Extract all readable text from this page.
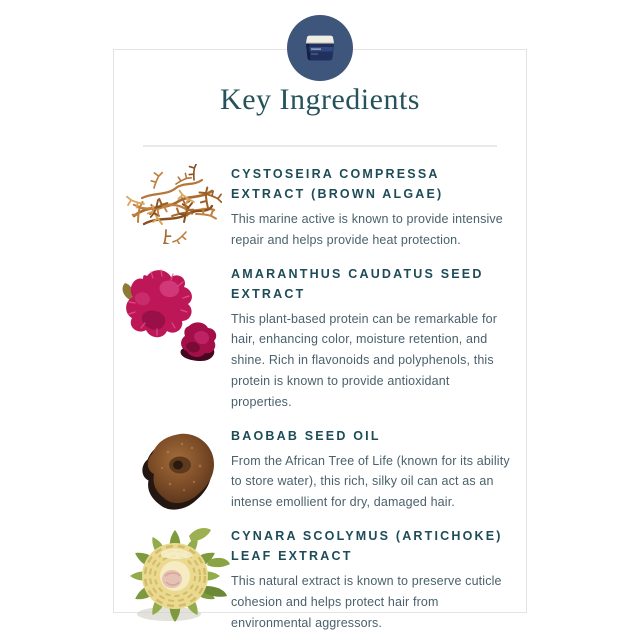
Key Ingredients
CYSTOSEIRA COMPRESSA EXTRACT (BROWN ALGAE)
This marine active is known to provide intensive repair and helps provide heat protection.
AMARANTHUS CAUDATUS SEED EXTRACT
This plant-based protein can be remarkable for hair, enhancing color, moisture retention, and shine. Rich in flavonoids and polyphenols, this protein is known to provide antioxidant properties.
BAOBAB SEED OIL
From the African Tree of Life (known for its ability to store water), this rich, silky oil can act as an intense emollient for dry, damaged hair.
CYNARA SCOLYMUS (ARTICHOKE) LEAF EXTRACT
This natural extract is known to preserve cuticle cohesion and helps protect hair from environmental aggressors.
